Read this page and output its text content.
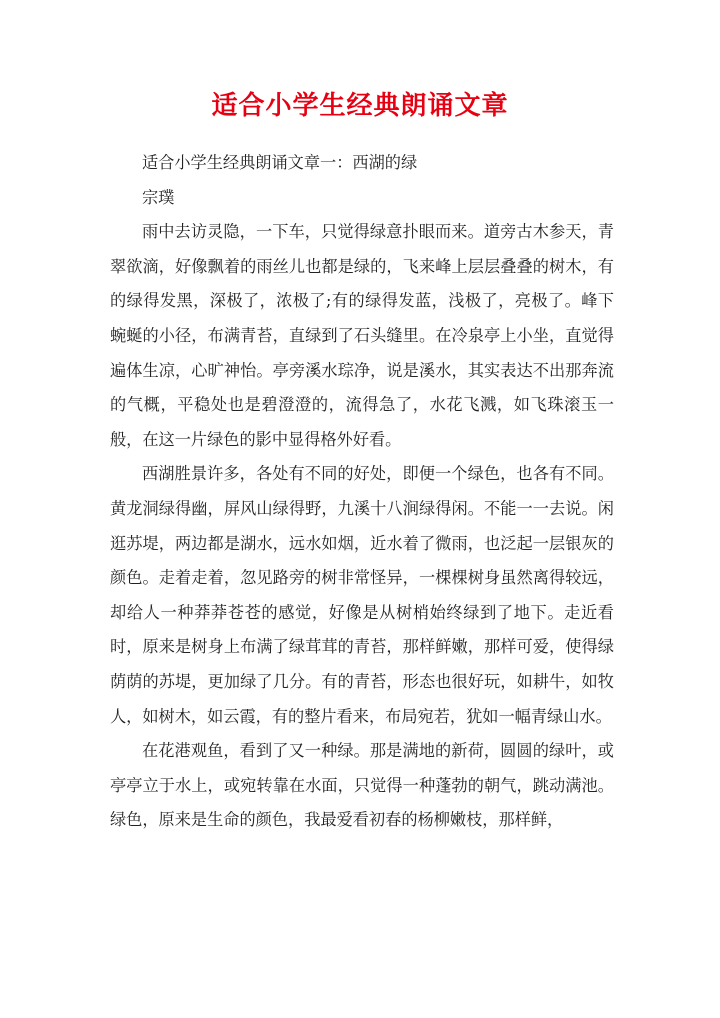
适合小学生经典朗诵文章

适合小学生经典朗诵文章一：西湖的绿

宗璞

雨中去访灵隐，一下车，只觉得绿意扑眼而来。道旁古木参天，青翠欲滴，好像飘着的雨丝儿也都是绿的，飞来峰上层层叠叠的树木，有的绿得发黑，深极了，浓极了;有的绿得发蓝，浅极了，亮极了。峰下蜿蜒的小径，布满青苔，直绿到了石头缝里。在冷泉亭上小坐，直觉得遍体生凉，心旷神怡。亭旁溪水琮净，说是溪水，其实表达不出那奔流的气概，平稳处也是碧澄澄的，流得急了，水花飞溅，如飞珠滚玉一般，在这一片绿色的影中显得格外好看。

西湖胜景许多，各处有不同的好处，即便一个绿色，也各有不同。黄龙洞绿得幽，屏风山绿得野，九溪十八涧绿得闲。不能一一去说。闲逛苏堤，两边都是湖水，远水如烟，近水着了微雨，也泛起一层银灰的颜色。走着走着，忽见路旁的树非常怪异，一棵棵树身虽然离得较远，却给人一种莽莽苍苍的感觉，好像是从树梢始终绿到了地下。走近看时，原来是树身上布满了绿茸茸的青苔，那样鲜嫩，那样可爱，使得绿荫荫的苏堤，更加绿了几分。有的青苔，形态也很好玩，如耕牛，如牧人，如树木，如云霞，有的整片看来，布局宛若，犹如一幅青绿山水。

在花港观鱼，看到了又一种绿。那是满地的新荷，圆圆的绿叶，或亭亭立于水上，或宛转靠在水面，只觉得一种蓬勃的朝气，跳动满池。绿色，原来是生命的颜色，我最爱看初春的杨柳嫩枝，那样鲜，
